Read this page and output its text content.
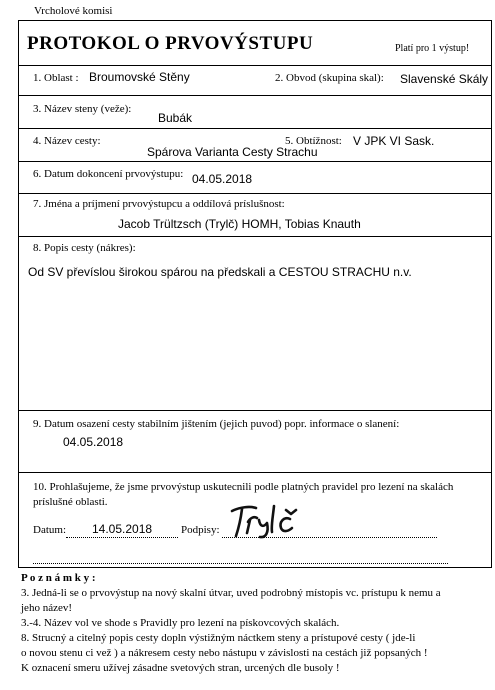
Vrcholové komisi
PROTOKOL O PRVOVÝSTUPU	Platí pro 1 výstup!
1. Oblast : Broumovské Stěny	2. Obvod (skupina skal): Slavenské Skály
3. Název steny (veže):
Bubák
4. Název cesty:
Spárova Varianta Cesty Strachu
5. Obtížnost: V JPK VI Sask.
6. Datum dokoncení prvovýstupu: 04.05.2018
7. Jména a príjmení prvovýstupcu a oddílová príslušnost:
Jacob Trültzsch (Trylč) HOMH, Tobias Knauth
8. Popis cesty (nákres):
Od SV převíslou širokou spárou na předskali a CESTOU STRACHU n.v.
9. Datum osazení cesty stabilním jištením (jejich puvod) popr. informace o slanení:
04.05.2018
10. Prohlašujeme, že jsme prvovýstup uskutecnili podle platných pravidel pro lezení na skalách
príslušné oblasti.
Datum: 14.05.2018	Podpisy:
P o z n á m k y :
3. Jedná-li se o prvovýstup na nový skalní útvar, uved podrobný místopis vc. prístupu k nemu a
jeho název!
3.-4. Název vol ve shode s Pravidly pro lezení na pískovcových skalách.
8. Strucný a citelný popis cesty dopln výstižným náctkem steny a prístupové cesty ( jde-li
o novou stenu ci vež ) a nákresem cesty nebo nástupu v závislosti na cestách již popsaných !
K oznacení smeru užívej zásadne svetových stran, urcených dle busoly !
